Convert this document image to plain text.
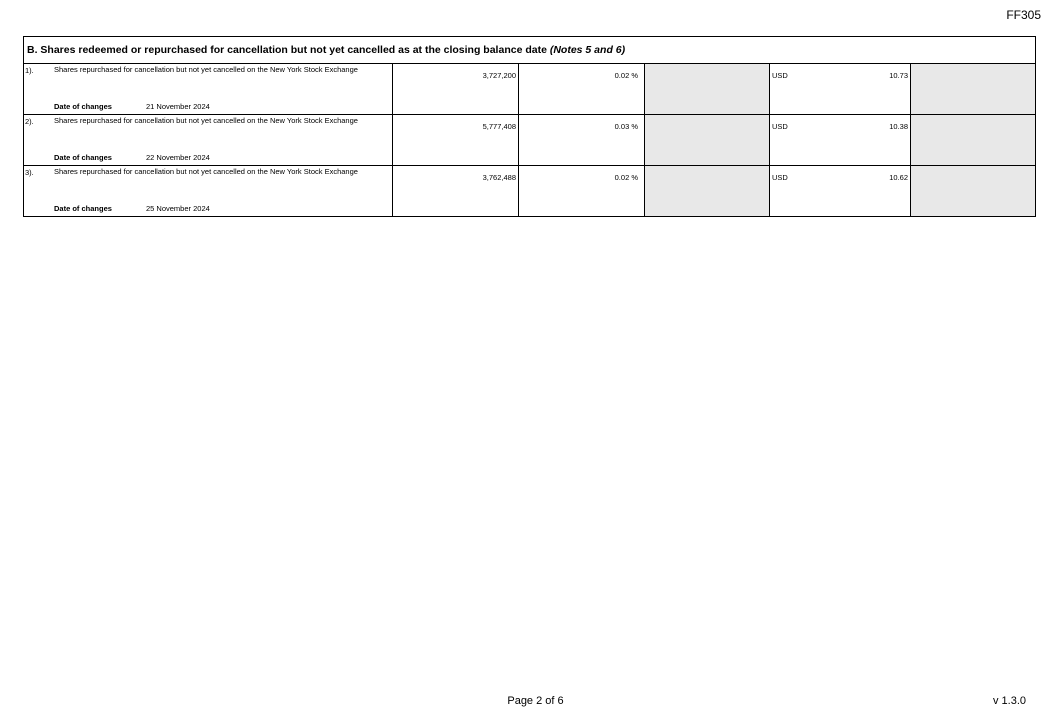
FF305
B. Shares redeemed or repurchased for cancellation but not yet cancelled as at the closing balance date (Notes 5 and 6)
1).	Shares repurchased for cancellation but not yet cancelled on the New York Stock Exchange
Date of changes	21 November 2024
3,727,200	0.02 %	USD	10.73
2).	Shares repurchased for cancellation but not yet cancelled on the New York Stock Exchange
Date of changes	22 November 2024
5,777,408	0.03 %	USD	10.38
3).	Shares repurchased for cancellation but not yet cancelled on the New York Stock Exchange
Date of changes	25 November 2024
3,762,488	0.02 %	USD	10.62
Page 2 of 6	v 1.3.0
